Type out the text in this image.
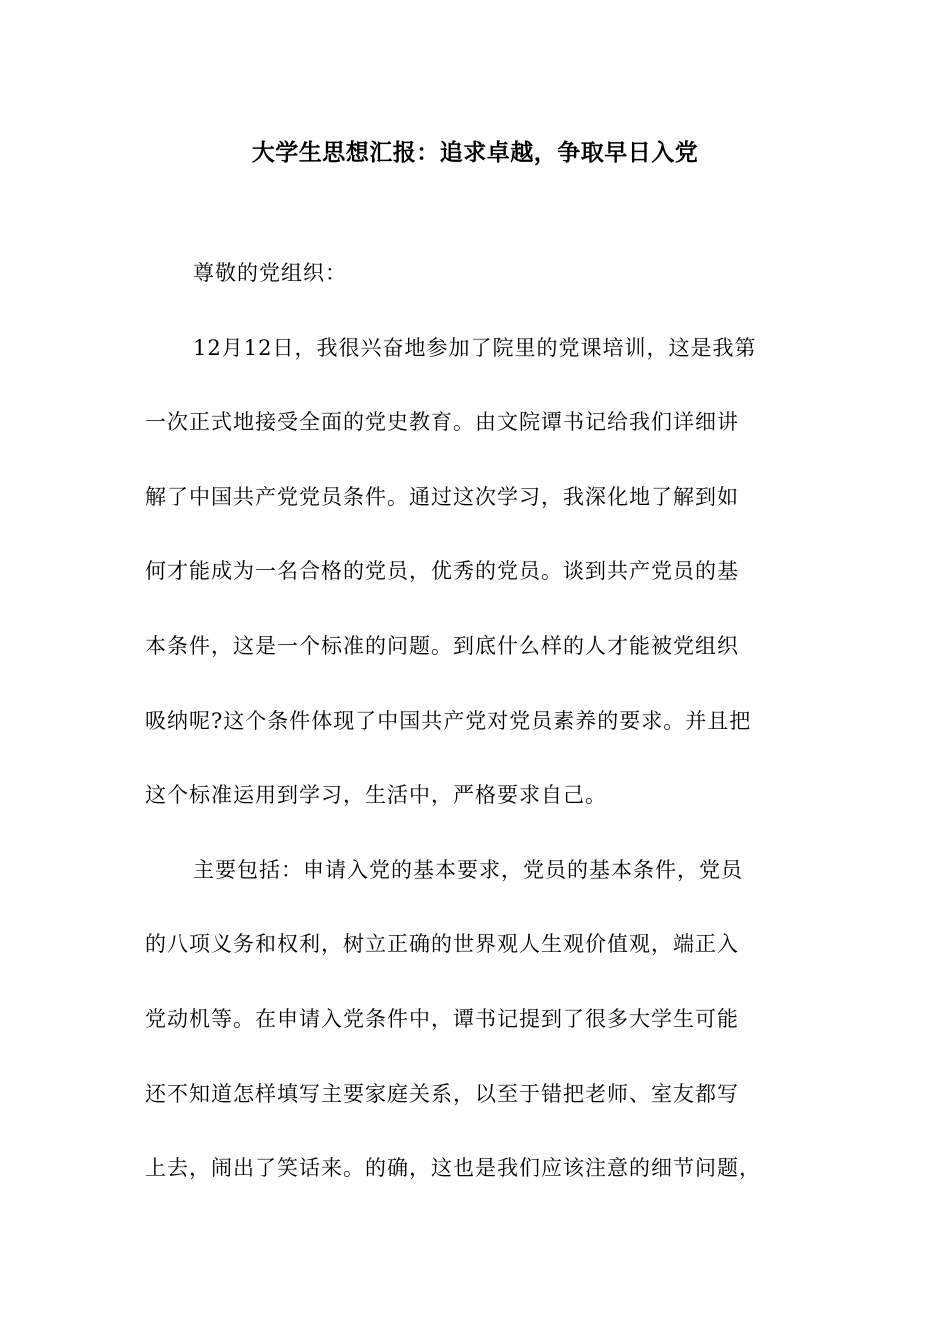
大学生思想汇报：追求卓越，争取早日入党
尊敬的党组织：
12月12日，我很兴奋地参加了院里的党课培训，这是我第
一次正式地接受全面的党史教育。由文院谭书记给我们详细讲
解了中国共产党党员条件。通过这次学习，我深化地了解到如
何才能成为一名合格的党员，优秀的党员。谈到共产党员的基
本条件，这是一个标准的问题。到底什么样的人才能被党组织
吸纳呢?这个条件体现了中国共产党对党员素养的要求。并且把
这个标准运用到学习，生活中，严格要求自己。
主要包括：申请入党的基本要求，党员的基本条件，党员
的八项义务和权利，树立正确的世界观人生观价值观，端正入
党动机等。在申请入党条件中，谭书记提到了很多大学生可能
还不知道怎样填写主要家庭关系，以至于错把老师、室友都写
上去，闹出了笑话来。的确，这也是我们应该注意的细节问题，
